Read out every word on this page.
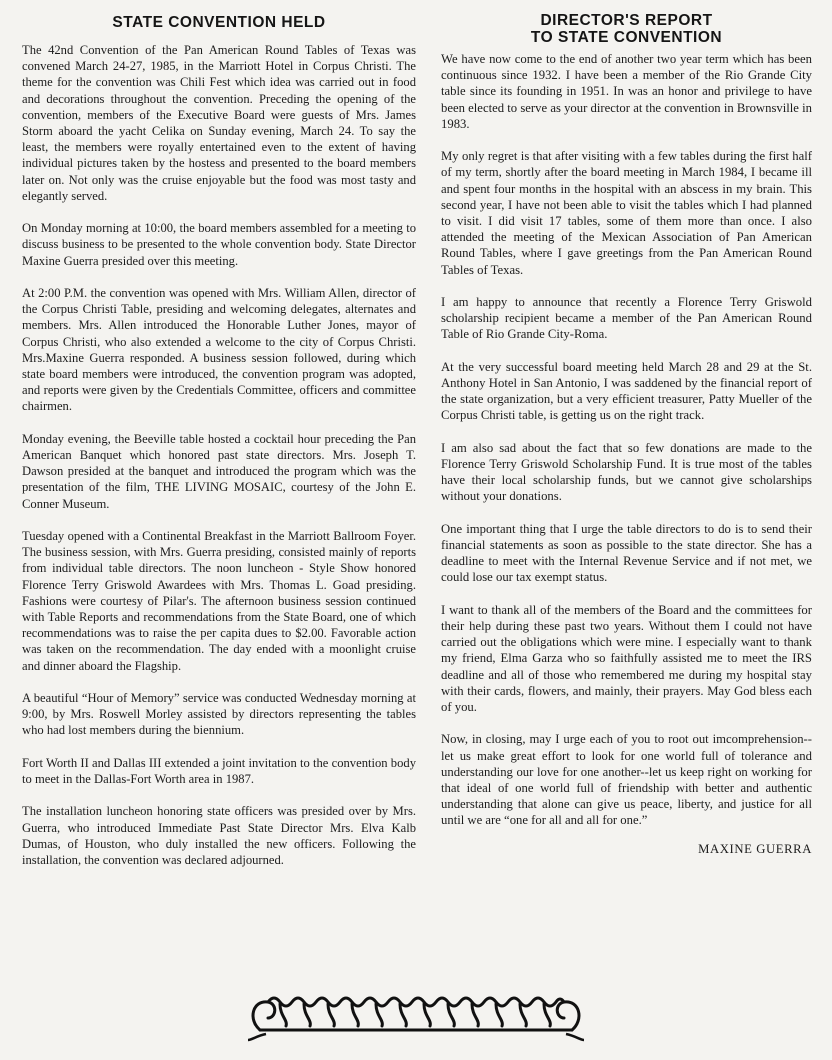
STATE CONVENTION HELD

The 42nd Convention of the Pan American Round Tables of Texas was convened March 24-27, 1985, in the Marriott Hotel in Corpus Christi. The theme for the convention was Chili Fest which idea was carried out in food and decorations throughout the convention. Preceding the opening of the convention, members of the Executive Board were guests of Mrs. James Storm aboard the yacht Celika on Sunday evening, March 24. To say the least, the members were royally entertained even to the extent of having individual pictures taken by the hostess and presented to the board members later on. Not only was the cruise enjoyable but the food was most tasty and elegantly served.

On Monday morning at 10:00, the board members assembled for a meeting to discuss business to be presented to the whole convention body. State Director Maxine Guerra presided over this meeting.

At 2:00 P.M. the convention was opened with Mrs. William Allen, director of the Corpus Christi Table, presiding and welcoming delegates, alternates and members. Mrs. Allen introduced the Honorable Luther Jones, mayor of Corpus Christi, who also extended a welcome to the city of Corpus Christi. Mrs.Maxine Guerra responded. A business session followed, during which state board members were introduced, the convention program was adopted, and reports were given by the Credentials Committee, officers and committee chairmen.

Monday evening, the Beeville table hosted a cocktail hour preceding the Pan American Banquet which honored past state directors. Mrs. Joseph T. Dawson presided at the banquet and introduced the program which was the presentation of the film, THE LIVING MOSAIC, courtesy of the John E. Conner Museum.

Tuesday opened with a Continental Breakfast in the Marriott Ballroom Foyer. The business session, with Mrs. Guerra presiding, consisted mainly of reports from individual table directors. The noon luncheon - Style Show honored Florence Terry Griswold Awardees with Mrs. Thomas L. Goad presiding. Fashions were courtesy of Pilar's. The afternoon business session continued with Table Reports and recommendations from the State Board, one of which recommendations was to raise the per capita dues to $2.00. Favorable action was taken on the recommendation. The day ended with a moonlight cruise and dinner aboard the Flagship.

A beautiful “Hour of Memory” service was conducted Wednesday morning at 9:00, by Mrs. Roswell Morley assisted by directors representing the tables who had lost members during the biennium.

Fort Worth II and Dallas III extended a joint invitation to the convention body to meet in the Dallas-Fort Worth area in 1987.

The installation luncheon honoring state officers was presided over by Mrs. Guerra, who introduced Immediate Past State Director Mrs. Elva Kalb Dumas, of Houston, who duly installed the new officers. Following the installation, the convention was declared adjourned.

DIRECTOR'S REPORT
TO STATE CONVENTION

We have now come to the end of another two year term which has been continuous since 1932. I have been a member of the Rio Grande City table since its founding in 1951. In was an honor and privilege to have been elected to serve as your director at the convention in Brownsville in 1983.

My only regret is that after visiting with a few tables during the first half of my term, shortly after the board meeting in March 1984, I became ill and spent four months in the hospital with an abscess in my brain. This second year, I have not been able to visit the tables which I had planned to visit. I did visit 17 tables, some of them more than once. I also attended the meeting of the Mexican Association of Pan American Round Tables, where I gave greetings from the Pan American Round Tables of Texas.

I am happy to announce that recently a Florence Terry Griswold scholarship recipient became a member of the Pan American Round Table of Rio Grande City-Roma.

At the very successful board meeting held March 28 and 29 at the St. Anthony Hotel in San Antonio, I was saddened by the financial report of the state organization, but a very efficient treasurer, Patty Mueller of the Corpus Christi table, is getting us on the right track.

I am also sad about the fact that so few donations are made to the Florence Terry Griswold Scholarship Fund. It is true most of the tables have their local scholarship funds, but we cannot give scholarships without your donations.

One important thing that I urge the table directors to do is to send their financial statements as soon as possible to the state director. She has a deadline to meet with the Internal Revenue Service and if not met, we could lose our tax exempt status.

I want to thank all of the members of the Board and the committees for their help during these past two years. Without them I could not have carried out the obligations which were mine. I especially want to thank my friend, Elma Garza who so faithfully assisted me to meet the IRS deadline and all of those who remembered me during my hospital stay with their cards, flowers, and mainly, their prayers. May God bless each of you.

Now, in closing, may I urge each of you to root out imcomprehension--let us make great effort to look for one world full of tolerance and understanding our love for one another--let us keep right on working for that ideal of one world full of friendship with better and authentic understanding that alone can give us peace, liberty, and justice for all until we are “one for all and all for one.”

MAXINE GUERRA
